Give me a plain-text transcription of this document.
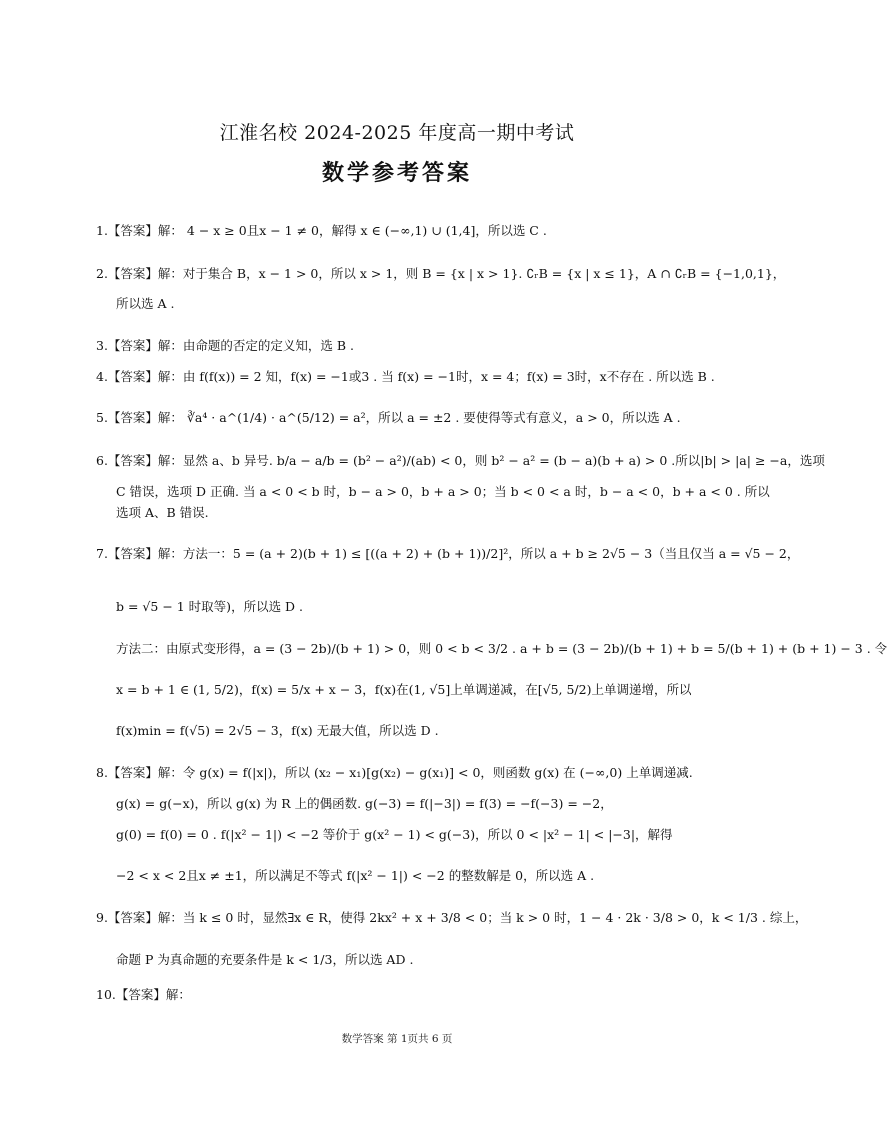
江淮名校 2024-2025 年度高一期中考试
数学参考答案
1.【答案】解： 4 − x ≥ 0且x − 1 ≠ 0，解得 x ∈ (−∞,1) ∪ (1,4]，所以选 C .
2.【答案】解：对于集合 B，x − 1 > 0，所以 x > 1，则 B = {x | x > 1}. ∁ᵣB = {x | x ≤ 1}，A ∩ ∁ᵣB = {−1,0,1}，
所以选 A .
3.【答案】解：由命题的否定的定义知，选 B .
4.【答案】解：由 f(f(x)) = 2 知，f(x) = −1或3 . 当 f(x) = −1时，x = 4；f(x) = 3时，x不存在 . 所以选 B .
5.【答案】解： ∛a⁴ · a^(1/4) · a^(5/12) = a²，所以 a = ±2 . 要使得等式有意义，a > 0，所以选 A .
6.【答案】解：显然 a、b 异号. b/a − a/b = (b² − a²)/(ab) < 0，则 b² − a² = (b − a)(b + a) > 0 .所以|b| > |a| ≥ −a，选项
C 错误，选项 D 正确. 当 a < 0 < b 时，b − a > 0，b + a > 0；当 b < 0 < a 时，b − a < 0，b + a < 0 . 所以
选项 A、B 错误.
7.【答案】解：方法一：5 = (a + 2)(b + 1) ≤ [((a + 2) + (b + 1))/2]²，所以 a + b ≥ 2√5 − 3（当且仅当 a = √5 − 2，
b = √5 − 1 时取等)，所以选 D .
方法二：由原式变形得，a = (3 − 2b)/(b + 1) > 0，则 0 < b < 3/2 . a + b = (3 − 2b)/(b + 1) + b = 5/(b + 1) + (b + 1) − 3 . 令
x = b + 1 ∈ (1, 5/2)，f(x) = 5/x + x − 3，f(x)在(1, √5]上单调递减，在[√5, 5/2)上单调递增，所以
f(x)min = f(√5) = 2√5 − 3，f(x) 无最大值，所以选 D .
8.【答案】解：令 g(x) = f(|x|)，所以 (x₂ − x₁)[g(x₂) − g(x₁)] < 0，则函数 g(x) 在 (−∞,0) 上单调递减.
g(x) = g(−x)，所以 g(x) 为 R 上的偶函数. g(−3) = f(|−3|) = f(3) = −f(−3) = −2，
g(0) = f(0) = 0 . f(|x² − 1|) < −2 等价于 g(x² − 1) < g(−3)，所以 0 < |x² − 1| < |−3|，解得
−2 < x < 2且x ≠ ±1，所以满足不等式 f(|x² − 1|) < −2 的整数解是 0，所以选 A .
9.【答案】解：当 k ≤ 0 时，显然∃x ∈ R，使得 2kx² + x + 3/8 < 0；当 k > 0 时，1 − 4 · 2k · 3/8 > 0，k < 1/3 . 综上，
命题 P 为真命题的充要条件是 k < 1/3，所以选 AD .
10.【答案】解：
数学答案 第 1页共 6 页
